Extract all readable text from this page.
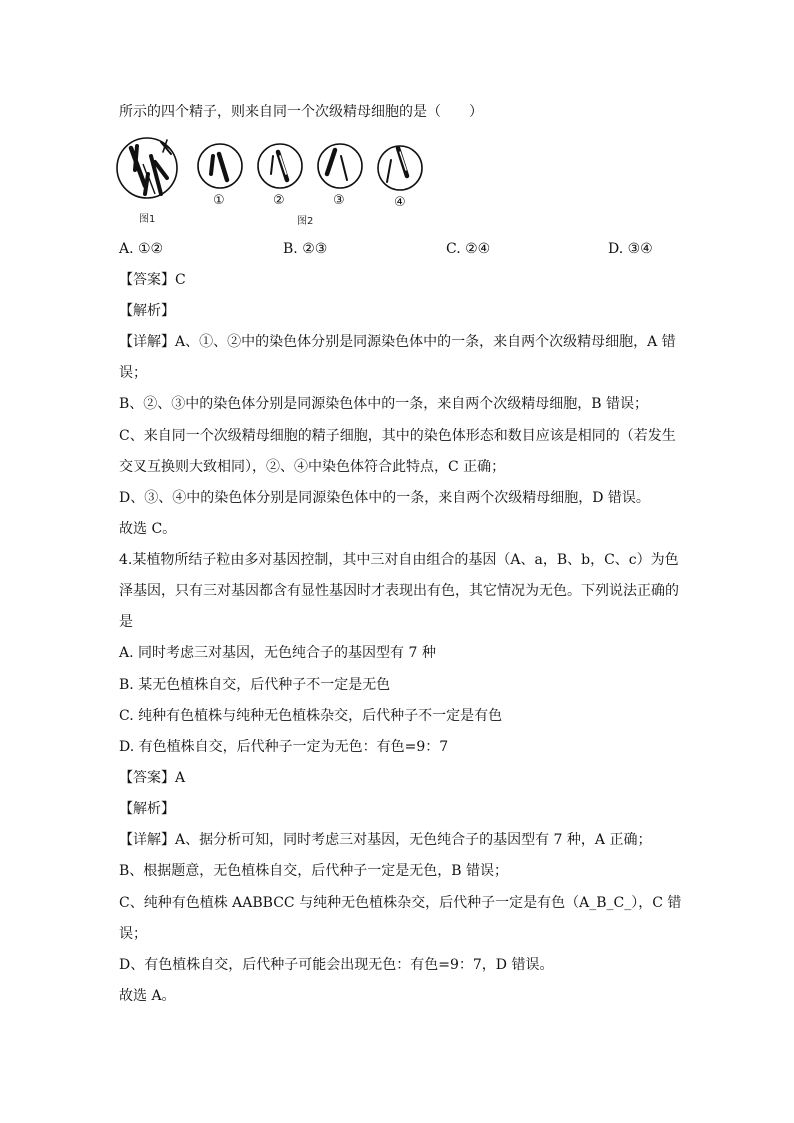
所示的四个精子，则来自同一个次级精母细胞的是（　　）
图1
①	②	③	④
图2
A. ①②	B. ②③	C. ②④	D. ③④
【答案】C
【解析】
【详解】A、①、②中的染色体分别是同源染色体中的一条，来自两个次级精母细胞，A 错
误；
B、②、③中的染色体分别是同源染色体中的一条，来自两个次级精母细胞，B 错误；
C、来自同一个次级精母细胞的精子细胞，其中的染色体形态和数目应该是相同的（若发生
交叉互换则大致相同），②、④中染色体符合此特点，C 正确；
D、③、④中的染色体分别是同源染色体中的一条，来自两个次级精母细胞，D 错误。
故选 C。
4.某植物所结子粒由多对基因控制，其中三对自由组合的基因（A、a，B、b，C、c）为色
泽基因，只有三对基因都含有显性基因时才表现出有色，其它情况为无色。下列说法正确的
是
A. 同时考虑三对基因，无色纯合子的基因型有 7 种
B. 某无色植株自交，后代种子不一定是无色
C. 纯种有色植株与纯种无色植株杂交，后代种子不一定是有色
D. 有色植株自交，后代种子一定为无色：有色=9：7
【答案】A
【解析】
【详解】A、据分析可知，同时考虑三对基因，无色纯合子的基因型有 7 种，A 正确；
B、根据题意，无色植株自交，后代种子一定是无色，B 错误；
C、纯种有色植株 AABBCC 与纯种无色植株杂交，后代种子一定是有色（A_B_C_），C 错
误；
D、有色植株自交，后代种子可能会出现无色：有色=9：7，D 错误。
故选 A。
